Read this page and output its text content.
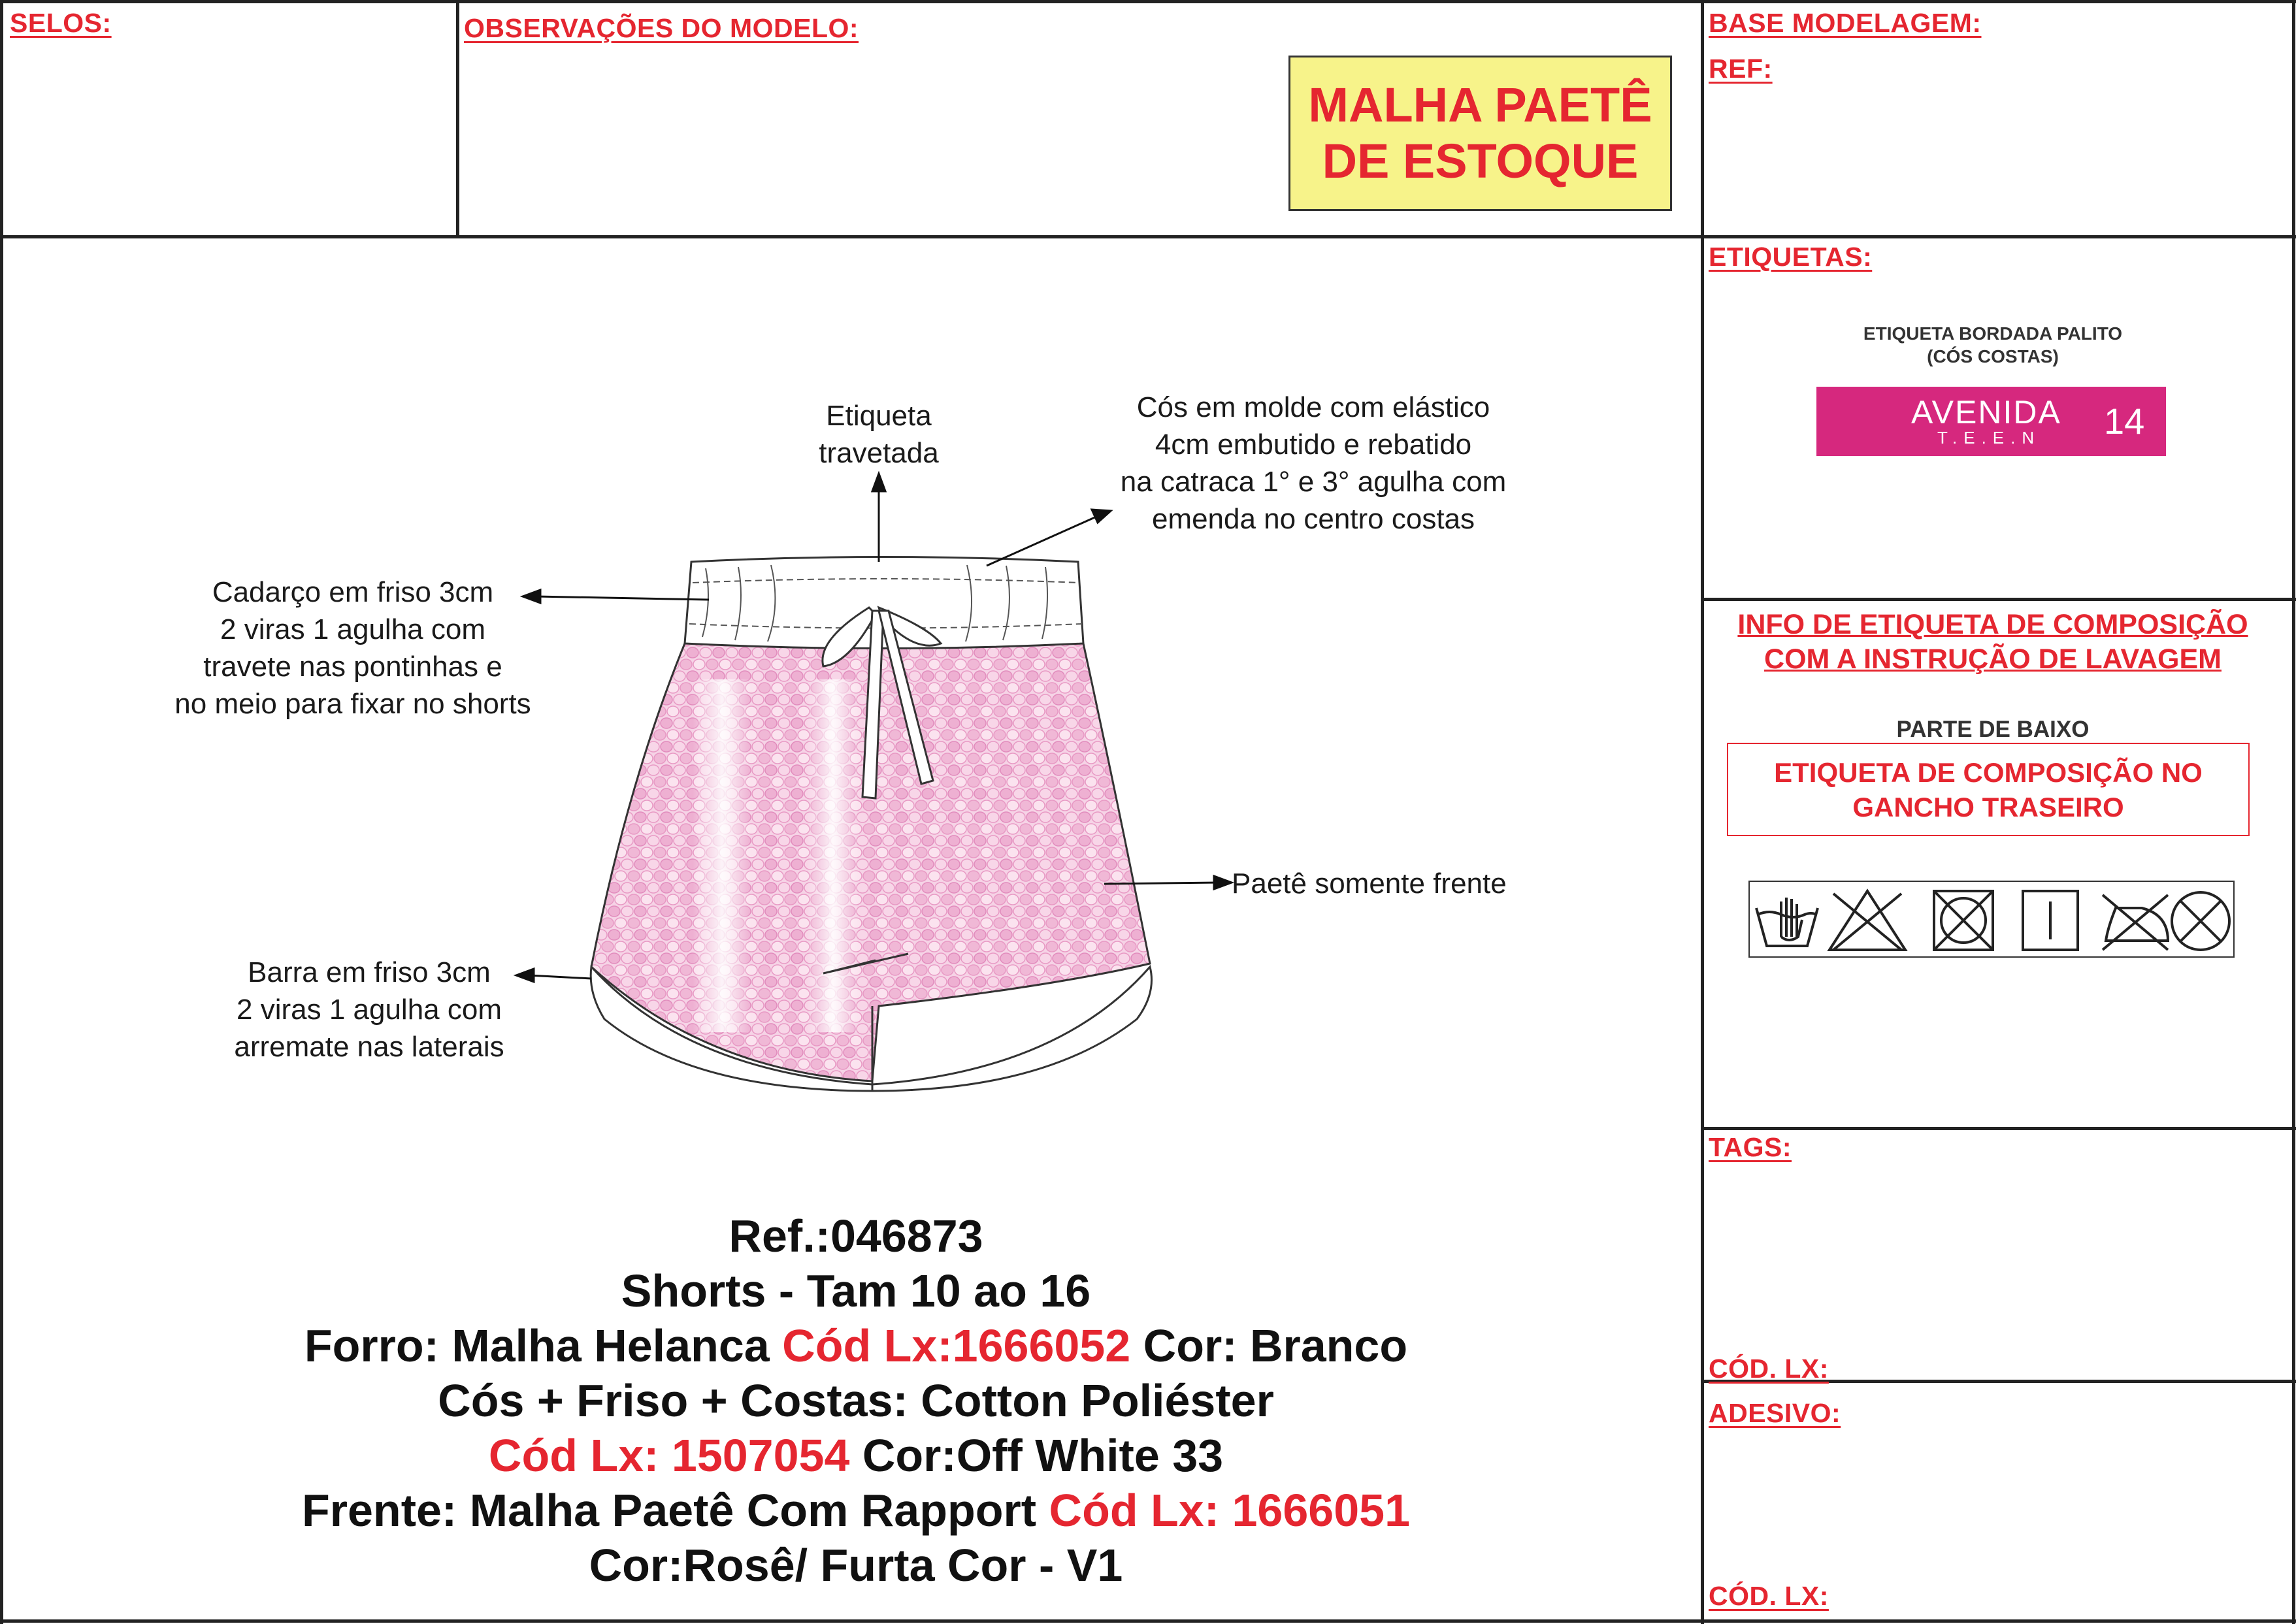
SELOS:	OBSERVAÇÕES DO MODELO:	BASE MODELAGEM:
REF:
MALHA PAETÊ
DE ESTOQUE
ETIQUETAS:
ETIQUETA BORDADA PALITO
(CÓS COSTAS)
AVENIDA
T.E.E.N 14
INFO DE ETIQUETA DE COMPOSIÇÃO
COM A INSTRUÇÃO DE LAVAGEM
PARTE DE BAIXO
ETIQUETA DE COMPOSIÇÃO NO
GANCHO TRASEIRO
TAGS:
CÓD. LX:
ADESIVO:
CÓD. LX:
Etiqueta
travetada
Cós em molde com elástico
4cm embutido e rebatido
na catraca 1° e 3° agulha com
emenda no centro costas
Cadarço em friso 3cm
2 viras 1 agulha com
travete nas pontinhas e
no meio para fixar no shorts
Paetê somente frente
Barra em friso 3cm
2 viras 1 agulha com
arremate nas laterais
Ref.:046873
Shorts - Tam 10 ao 16
Forro: Malha Helanca Cód Lx:1666052 Cor: Branco
Cós + Friso + Costas: Cotton Poliéster
Cód Lx: 1507054 Cor:Off White 33
Frente: Malha Paetê Com Rapport Cód Lx: 1666051
Cor:Rosê/ Furta Cor - V1
